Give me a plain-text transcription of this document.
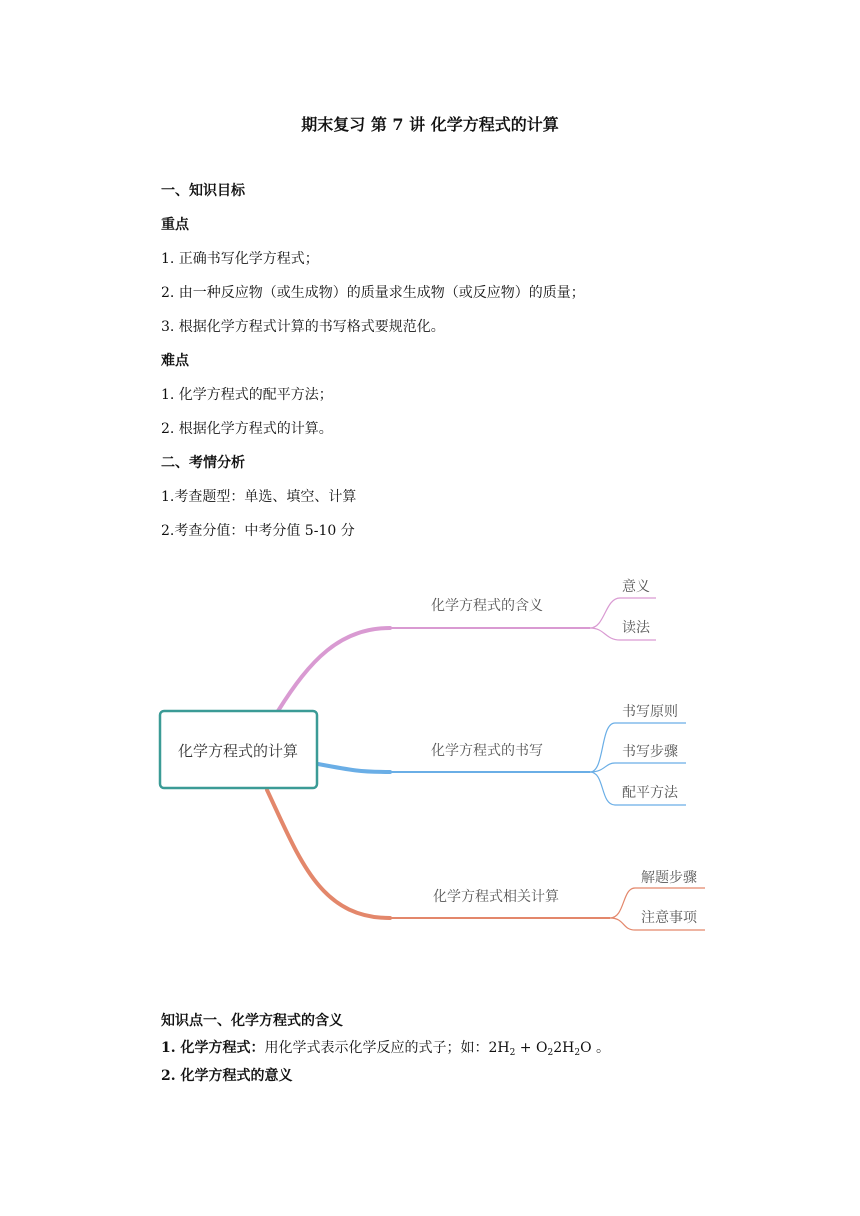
期末复习 第 7 讲 化学方程式的计算
一、知识目标
重点
1. 正确书写化学方程式；
2. 由一种反应物（或生成物）的质量求生成物（或反应物）的质量；
3. 根据化学方程式计算的书写格式要规范化。
难点
1. 化学方程式的配平方法；
2. 根据化学方程式的计算。
二、考情分析
1.考查题型：单选、填空、计算
2.考查分值：中考分值 5-10 分
化学方程式的计算
化学方程式的含义
化学方程式的书写
化学方程式相关计算
意义
读法
书写原则
书写步骤
配平方法
解题步骤
注意事项
知识点一、化学方程式的含义
1. 化学方程式：用化学式表示化学反应的式子；如：$2H_2 + O_22H_2O$ 。
2. 化学方程式的意义
